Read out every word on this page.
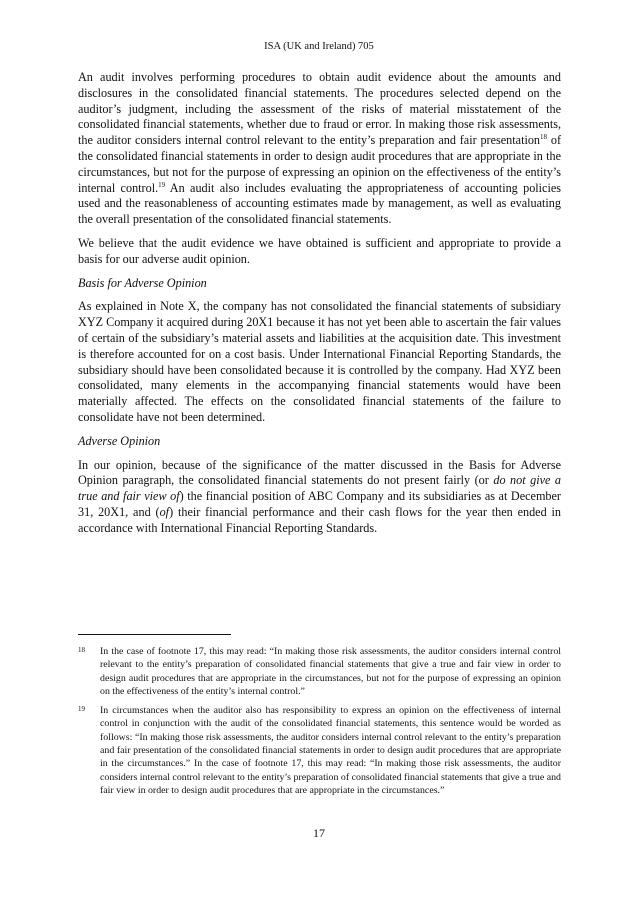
ISA (UK and Ireland) 705

An audit involves performing procedures to obtain audit evidence about the amounts and disclosures in the consolidated financial statements. The procedures selected depend on the auditor’s judgment, including the assessment of the risks of material misstatement of the consolidated financial statements, whether due to fraud or error. In making those risk assessments, the auditor considers internal control relevant to the entity’s preparation and fair presentation$^{18}$ of the consolidated financial statements in order to design audit procedures that are appropriate in the circumstances, but not for the purpose of expressing an opinion on the effectiveness of the entity’s internal control.$^{19}$ An audit also includes evaluating the appropriateness of accounting policies used and the reasonableness of accounting estimates made by management, as well as evaluating the overall presentation of the consolidated financial statements.

We believe that the audit evidence we have obtained is sufficient and appropriate to provide a basis for our adverse audit opinion.

Basis for Adverse Opinion

As explained in Note X, the company has not consolidated the financial statements of subsidiary XYZ Company it acquired during 20X1 because it has not yet been able to ascertain the fair values of certain of the subsidiary’s material assets and liabilities at the acquisition date. This investment is therefore accounted for on a cost basis. Under International Financial Reporting Standards, the subsidiary should have been consolidated because it is controlled by the company. Had XYZ been consolidated, many elements in the accompanying financial statements would have been materially affected. The effects on the consolidated financial statements of the failure to consolidate have not been determined.

Adverse Opinion

In our opinion, because of the significance of the matter discussed in the Basis for Adverse Opinion paragraph, the consolidated financial statements do not present fairly (or do not give a true and fair view of) the financial position of ABC Company and its subsidiaries as at December 31, 20X1, and (of) their financial performance and their cash flows for the year then ended in accordance with International Financial Reporting Standards.

18	In the case of footnote 17, this may read: “In making those risk assessments, the auditor considers internal control relevant to the entity’s preparation of consolidated financial statements that give a true and fair view in order to design audit procedures that are appropriate in the circumstances, but not for the purpose of expressing an opinion on the effectiveness of the entity’s internal control.”
19	In circumstances when the auditor also has responsibility to express an opinion on the effectiveness of internal control in conjunction with the audit of the consolidated financial statements, this sentence would be worded as follows: “In making those risk assessments, the auditor considers internal control relevant to the entity’s preparation and fair presentation of the consolidated financial statements in order to design audit procedures that are appropriate in the circumstances.” In the case of footnote 17, this may read: “In making those risk assessments, the auditor considers internal control relevant to the entity’s preparation of consolidated financial statements that give a true and fair view in order to design audit procedures that are appropriate in the circumstances.”
17
